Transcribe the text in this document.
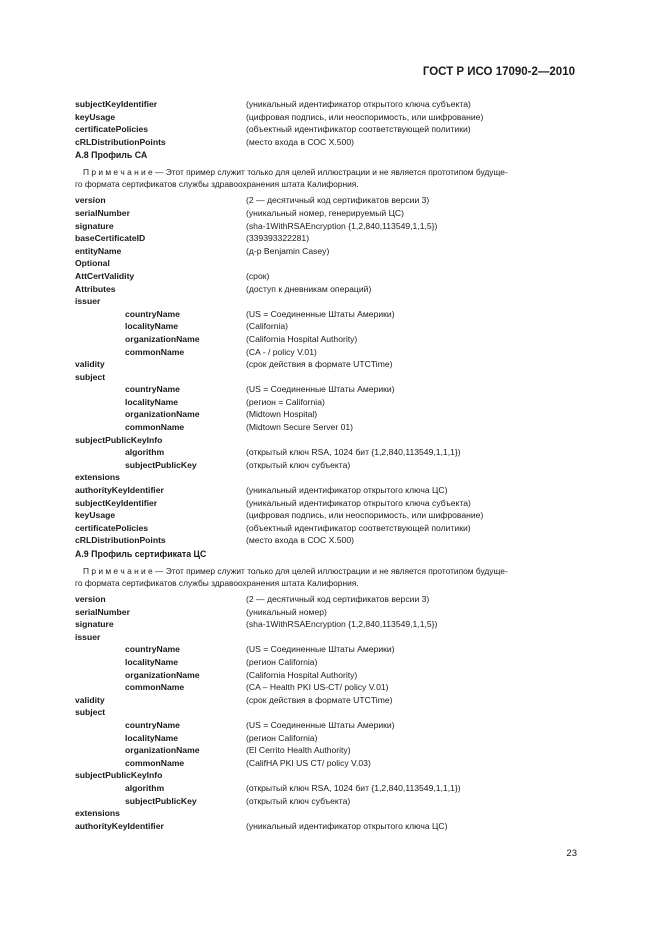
ГОСТ Р ИСО 17090-2—2010
subjectKeyIdentifier	(уникальный идентификатор открытого ключа субъекта)
keyUsage	(цифровая подпись, или неоспоримость, или шифрование)
certificatePolicies	(объектный идентификатор соответствующей политики)
cRLDistributionPoints	(место входа в СОС Х.500)
А.8 Профиль СА
П р и м е ч а н и е — Этот пример служит только для целей иллюстрации и не является прототипом будуще-
го формата сертификатов службы здравоохранения штата Калифорния.
version	(2 — десятичный код сертификатов версии 3)
serialNumber	(уникальный номер, генерируемый ЦС)
signature	(sha-1WithRSAEncryption {1,2,840,113549,1,1,5})
baseCertificateID	(339393322281)
entityName	(д-р Benjamin Casey)
Optional
AttCertValidity	(срок)
Attributes	(доступ к дневникам операций)
issuer
countryName	(US = Соединенные Штаты Америки)
localityName	(California)
organizationName	(California Hospital Authority)
commonName	(CA - / policy V.01)
validity	(срок действия в формате UTCTime)
subject
countryName	(US = Соединенные Штаты Америки)
localityName	(регион = California)
organizationName	(Midtown Hospital)
commonName	(Midtown Secure Server 01)
subjectPublicKeyInfo
algorithm	(открытый ключ RSA, 1024 бит {1,2,840,113549,1,1,1})
subjectPublicKey	(открытый ключ субъекта)
extensions
authorityKeyIdentifier	(уникальный идентификатор открытого ключа ЦС)
subjectKeyIdentifier	(уникальный идентификатор открытого ключа субъекта)
keyUsage	(цифровая подпись, или неоспоримость, или шифрование)
certificatePolicies	(объектный идентификатор соответствующей политики)
cRLDistributionPoints	(место входа в СОС Х.500)
А.9 Профиль сертификата ЦС
П р и м е ч а н и е — Этот пример служит только для целей иллюстрации и не является прототипом будуще-
го формата сертификатов службы здравоохранения штата Калифорния.
version	(2 — десятичный код сертификатов версии 3)
serialNumber	(уникальный номер)
signature	(sha-1WithRSAEncryption {1,2,840,113549,1,1,5})
issuer
countryName	(US = Соединенные Штаты Америки)
localityName	(регион California)
organizationName	(California Hospital Authority)
commonName	(CA – Health PKI US-CT/ policy V.01)
validity	(срок действия в формате UTCTime)
subject
countryName	(US = Соединенные Штаты Америки)
localityName	(регион California)
organizationName	(El Cerrito Health Authority)
commonName	(CalifHA PKI US CT/ policy V.03)
subjectPublicKeyInfo
algorithm	(открытый ключ RSA, 1024 бит {1,2,840,113549,1,1,1})
subjectPublicKey	(открытый ключ субъекта)
extensions
authorityKeyIdentifier	(уникальный идентификатор открытого ключа ЦС)
23
